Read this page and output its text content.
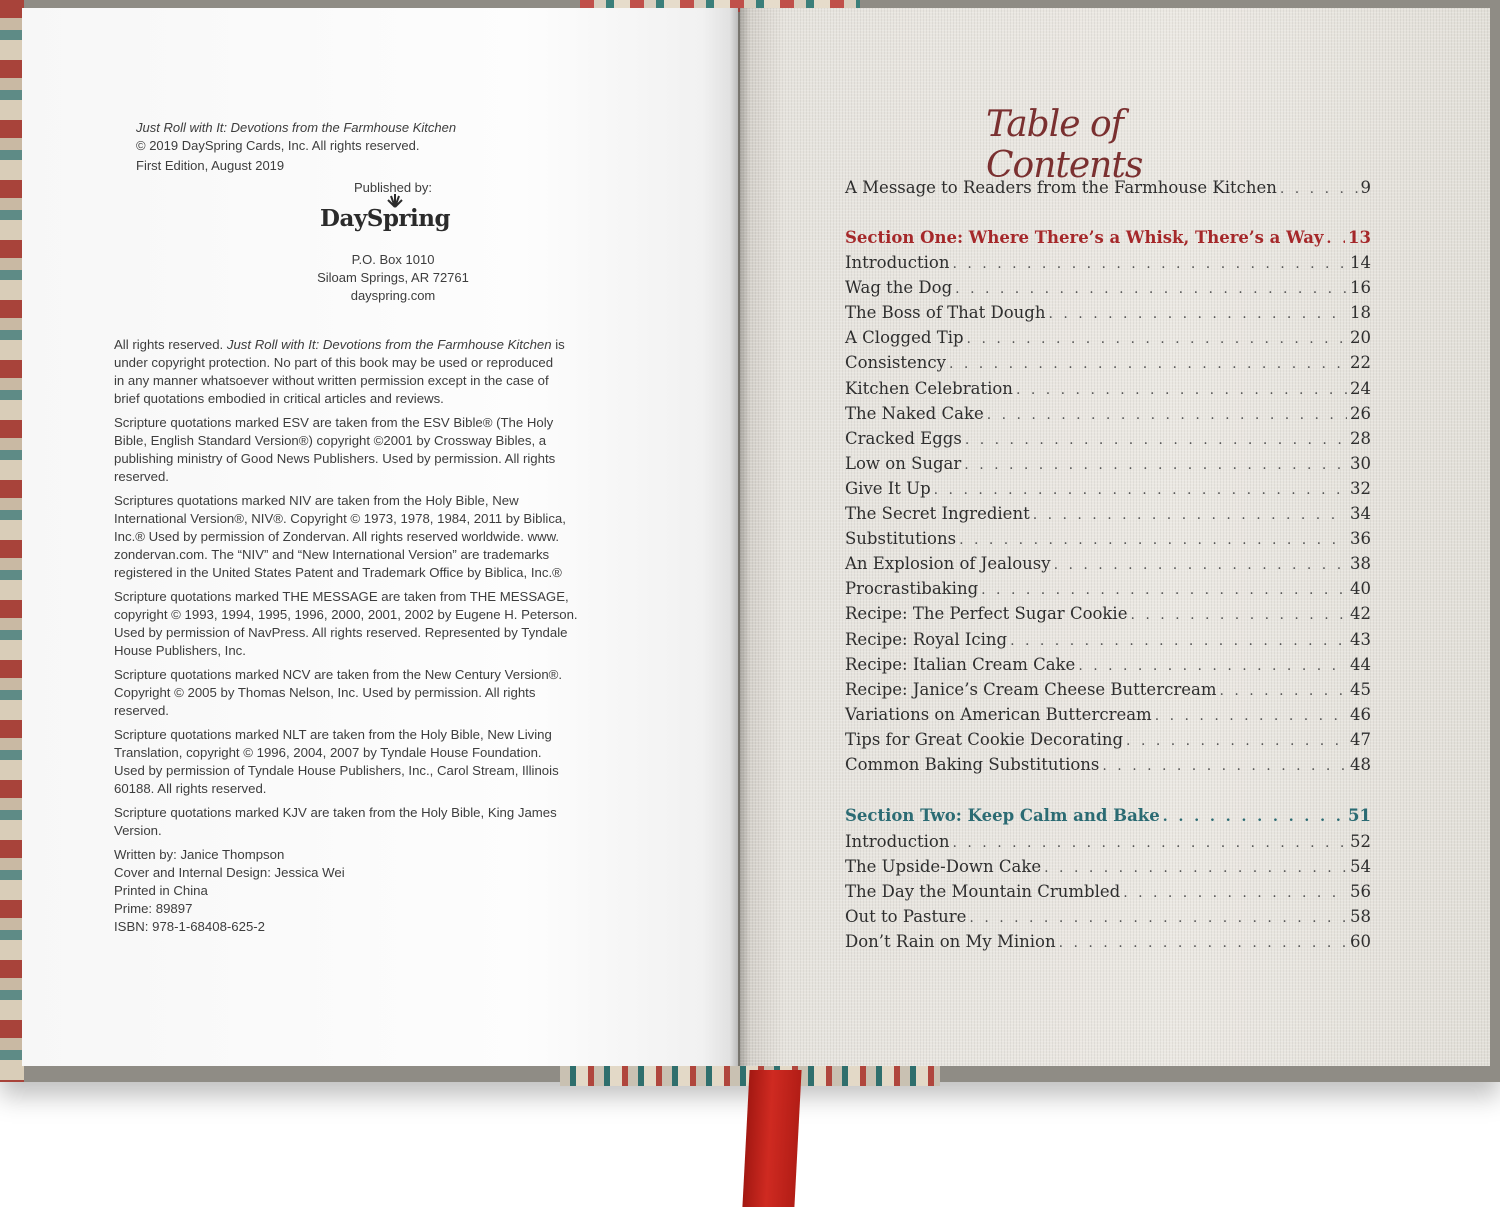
Just Roll with It: Devotions from the Farmhouse Kitchen
© 2019 DaySpring Cards, Inc. All rights reserved.
First Edition, August 2019
Published by:
DaySpring
P.O. Box 1010
Siloam Springs, AR 72761
dayspring.com
All rights reserved. Just Roll with It: Devotions from the Farmhouse Kitchen is
under copyright protection. No part of this book may be used or reproduced
in any manner whatsoever without written permission except in the case of
brief quotations embodied in critical articles and reviews.
Scripture quotations marked ESV are taken from the ESV Bible® (The Holy
Bible, English Standard Version®) copyright ©2001 by Crossway Bibles, a
publishing ministry of Good News Publishers. Used by permission. All rights
reserved.
Scriptures quotations marked NIV are taken from the Holy Bible, New
International Version®, NIV®. Copyright © 1973, 1978, 1984, 2011 by Biblica,
Inc.® Used by permission of Zondervan. All rights reserved worldwide. www.
zondervan.com. The “NIV” and “New International Version” are trademarks
registered in the United States Patent and Trademark Office by Biblica, Inc.®
Scripture quotations marked THE MESSAGE are taken from THE MESSAGE,
copyright © 1993, 1994, 1995, 1996, 2000, 2001, 2002 by Eugene H. Peterson.
Used by permission of NavPress. All rights reserved. Represented by Tyndale
House Publishers, Inc.
Scripture quotations marked NCV are taken from the New Century Version®.
Copyright © 2005 by Thomas Nelson, Inc. Used by permission. All rights
reserved.
Scripture quotations marked NLT are taken from the Holy Bible, New Living
Translation, copyright © 1996, 2004, 2007 by Tyndale House Foundation.
Used by permission of Tyndale House Publishers, Inc., Carol Stream, Illinois
60188. All rights reserved.
Scripture quotations marked KJV are taken from the Holy Bible, King James
Version.
Written by: Janice Thompson
Cover and Internal Design: Jessica Wei
Printed in China
Prime: 89897
ISBN: 978-1-68408-625-2
Table of Contents
A Message to Readers from the Farmhouse Kitchen . . .	9
Section One: Where There’s a Whisk, There’s a Way . . . 13
Introduction . . .	14
Wag the Dog . . .	16
The Boss of That Dough . . .	18
A Clogged Tip . . .	20
Consistency . . .	22
Kitchen Celebration . . .	24
The Naked Cake . . .	26
Cracked Eggs . . .	28
Low on Sugar . . .	30
Give It Up . . .	32
The Secret Ingredient . . .	34
Substitutions . . .	36
An Explosion of Jealousy . . .	38
Procrastibaking . . .	40
Recipe: The Perfect Sugar Cookie . . .	42
Recipe: Royal Icing . . .	43
Recipe: Italian Cream Cake . . .	44
Recipe: Janice’s Cream Cheese Buttercream . . .	45
Variations on American Buttercream . . .	46
Tips for Great Cookie Decorating . . .	47
Common Baking Substitutions . . .	48
Section Two: Keep Calm and Bake . . .	51
Introduction . . .	52
The Upside-Down Cake . . .	54
The Day the Mountain Crumbled . . .	56
Out to Pasture . . .	58
Don’t Rain on My Minion . . .	60
